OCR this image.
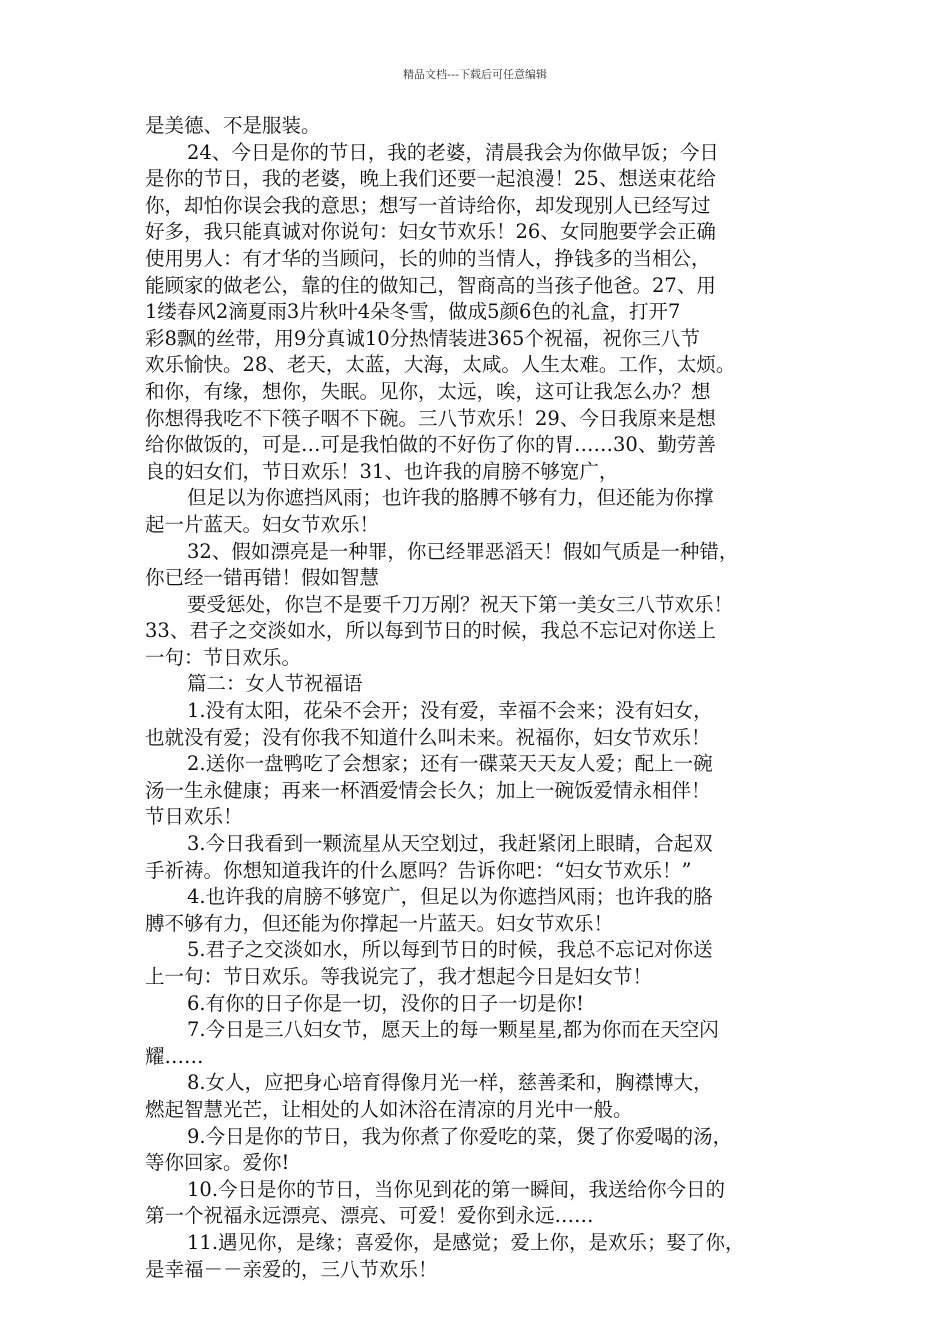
精品文档---下载后可任意编辑
是美德、不是服装。
24、今日是你的节日，我的老婆，清晨我会为你做早饭；今日
是你的节日，我的老婆，晚上我们还要一起浪漫！25、想送束花给
你，却怕你误会我的意思；想写一首诗给你，却发现别人已经写过
好多，我只能真诚对你说句：妇女节欢乐！26、女同胞要学会正确
使用男人：有才华的当顾问，长的帅的当情人，挣钱多的当相公，
能顾家的做老公，靠的住的做知己，智商高的当孩子他爸。27、用
1缕春风2滴夏雨3片秋叶4朵冬雪，做成5颜6色的礼盒，打开7
彩8飘的丝带，用9分真诚10分热情装进365个祝福，祝你三八节
欢乐愉快。28、老天，太蓝，大海，太咸。人生太难。工作，太烦。
和你，有缘，想你，失眠。见你，太远，唉，这可让我怎么办？想
你想得我吃不下筷子咽不下碗。三八节欢乐！29、今日我原来是想
给你做饭的，可是…可是我怕做的不好伤了你的胃……30、勤劳善
良的妇女们，节日欢乐！31、也许我的肩膀不够宽广，
但足以为你遮挡风雨；也许我的胳膊不够有力，但还能为你撑
起一片蓝天。妇女节欢乐！
32、假如漂亮是一种罪，你已经罪恶滔天！假如气质是一种错，
你已经一错再错！假如智慧
要受惩处，你岂不是要千刀万剐？祝天下第一美女三八节欢乐！
33、君子之交淡如水，所以每到节日的时候，我总不忘记对你送上
一句：节日欢乐。
篇二：女人节祝福语
1.没有太阳，花朵不会开；没有爱，幸福不会来；没有妇女，
也就没有爱；没有你我不知道什么叫未来。祝福你，妇女节欢乐！
2.送你一盘鸭吃了会想家；还有一碟菜天天友人爱；配上一碗
汤一生永健康；再来一杯酒爱情会长久；加上一碗饭爱情永相伴！
节日欢乐！
3.今日我看到一颗流星从天空划过，我赶紧闭上眼睛，合起双
手祈祷。你想知道我许的什么愿吗？告诉你吧：“妇女节欢乐！”
4.也许我的肩膀不够宽广，但足以为你遮挡风雨；也许我的胳
膊不够有力，但还能为你撑起一片蓝天。妇女节欢乐！
5.君子之交淡如水，所以每到节日的时候，我总不忘记对你送
上一句：节日欢乐。等我说完了，我才想起今日是妇女节！
6.有你的日子你是一切，没你的日子一切是你!
7.今日是三八妇女节，愿天上的每一颗星星,都为你而在天空闪
耀……
8.女人，应把身心培育得像月光一样，慈善柔和，胸襟博大，
燃起智慧光芒，让相处的人如沐浴在清凉的月光中一般。
9.今日是你的节日，我为你煮了你爱吃的菜，煲了你爱喝的汤，
等你回家。爱你!
10.今日是你的节日，当你见到花的第一瞬间，我送给你今日的
第一个祝福永远漂亮、漂亮、可爱！爱你到永远……
11.遇见你，是缘；喜爱你，是感觉；爱上你，是欢乐；娶了你，
是幸福－－亲爱的，三八节欢乐！
